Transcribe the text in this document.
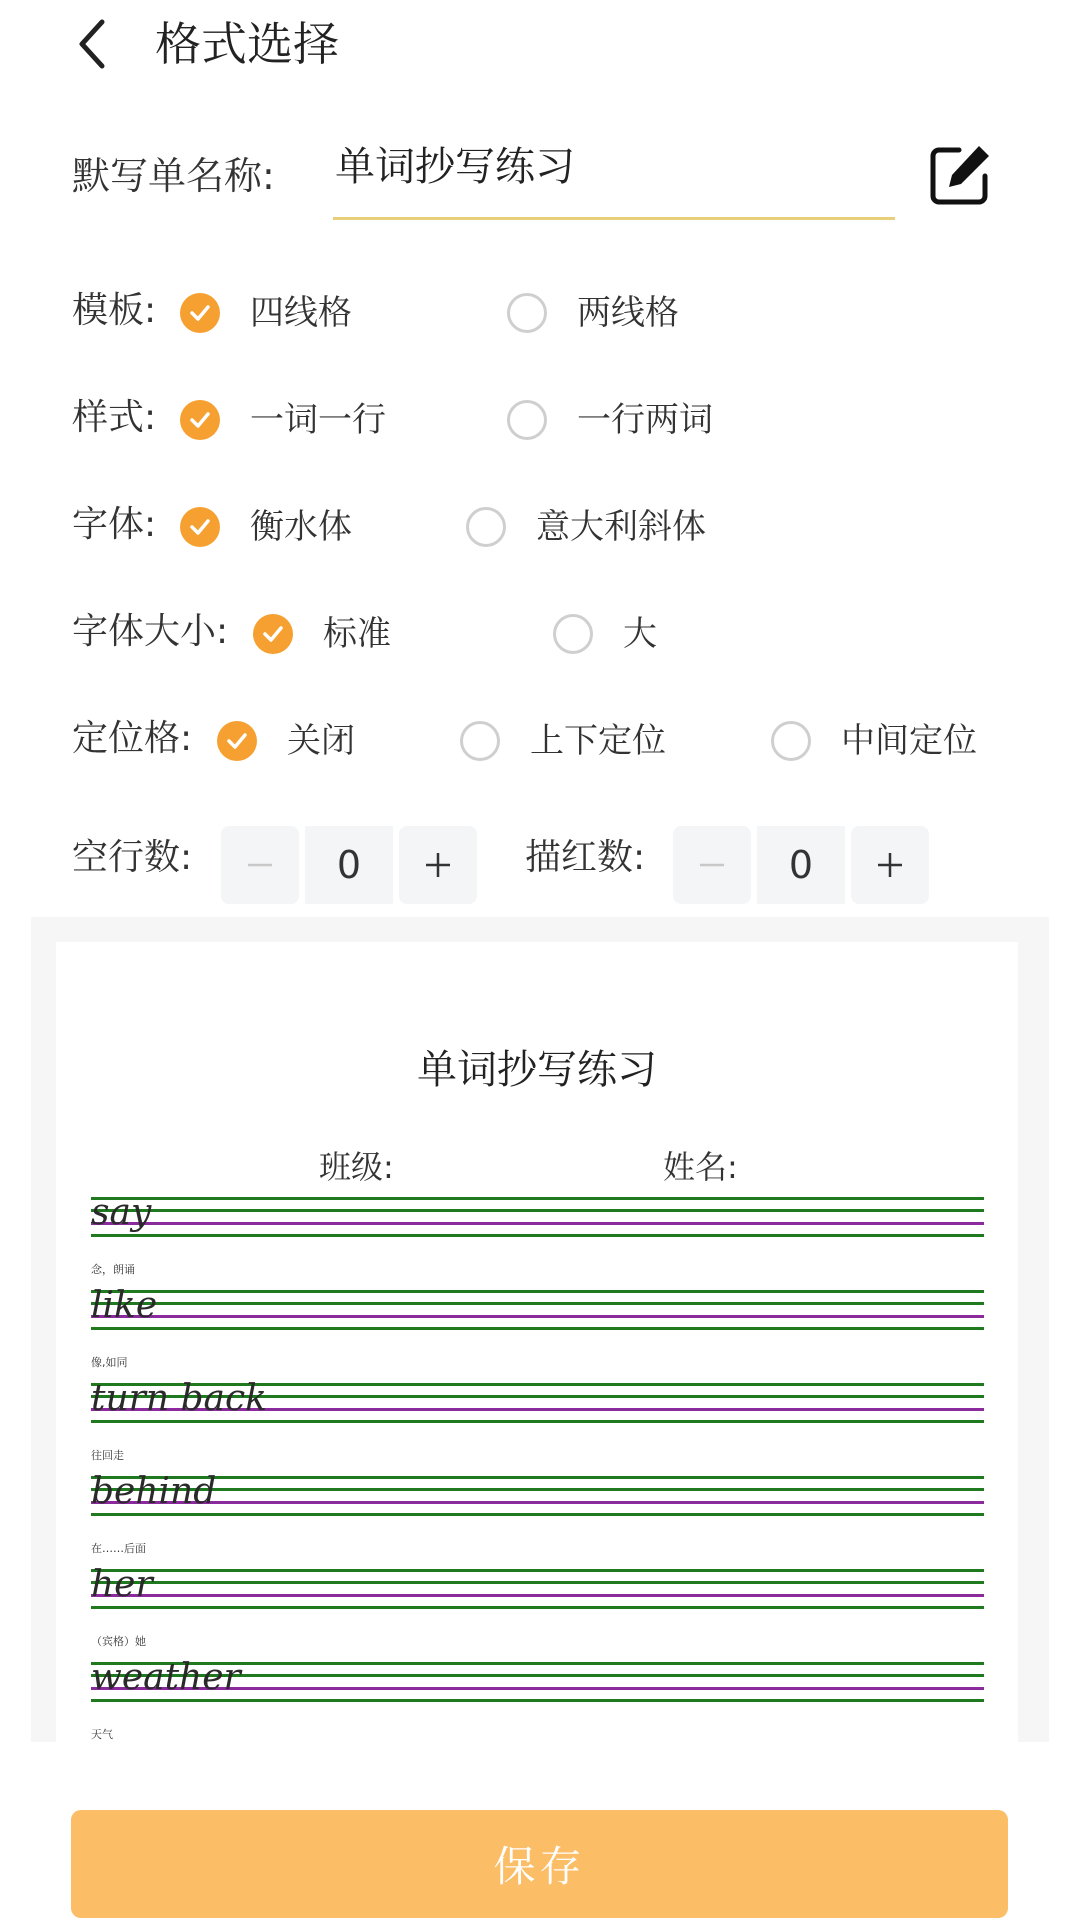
格式选择
默写单名称:
单词抄写练习
模板:	四线格	两线格
样式:	一词一行	一行两词
字体:	衡水体	意大利斜体
字体大小:	标准	大
定位格:	关闭	上下定位	中间定位
空行数:	0	描红数:	0
单词抄写练习
班级:	姓名:
say
念，朗诵
like
像,如同
turn back
往回走
behind
在……后面
her
（宾格）她
weather
天气
保存
